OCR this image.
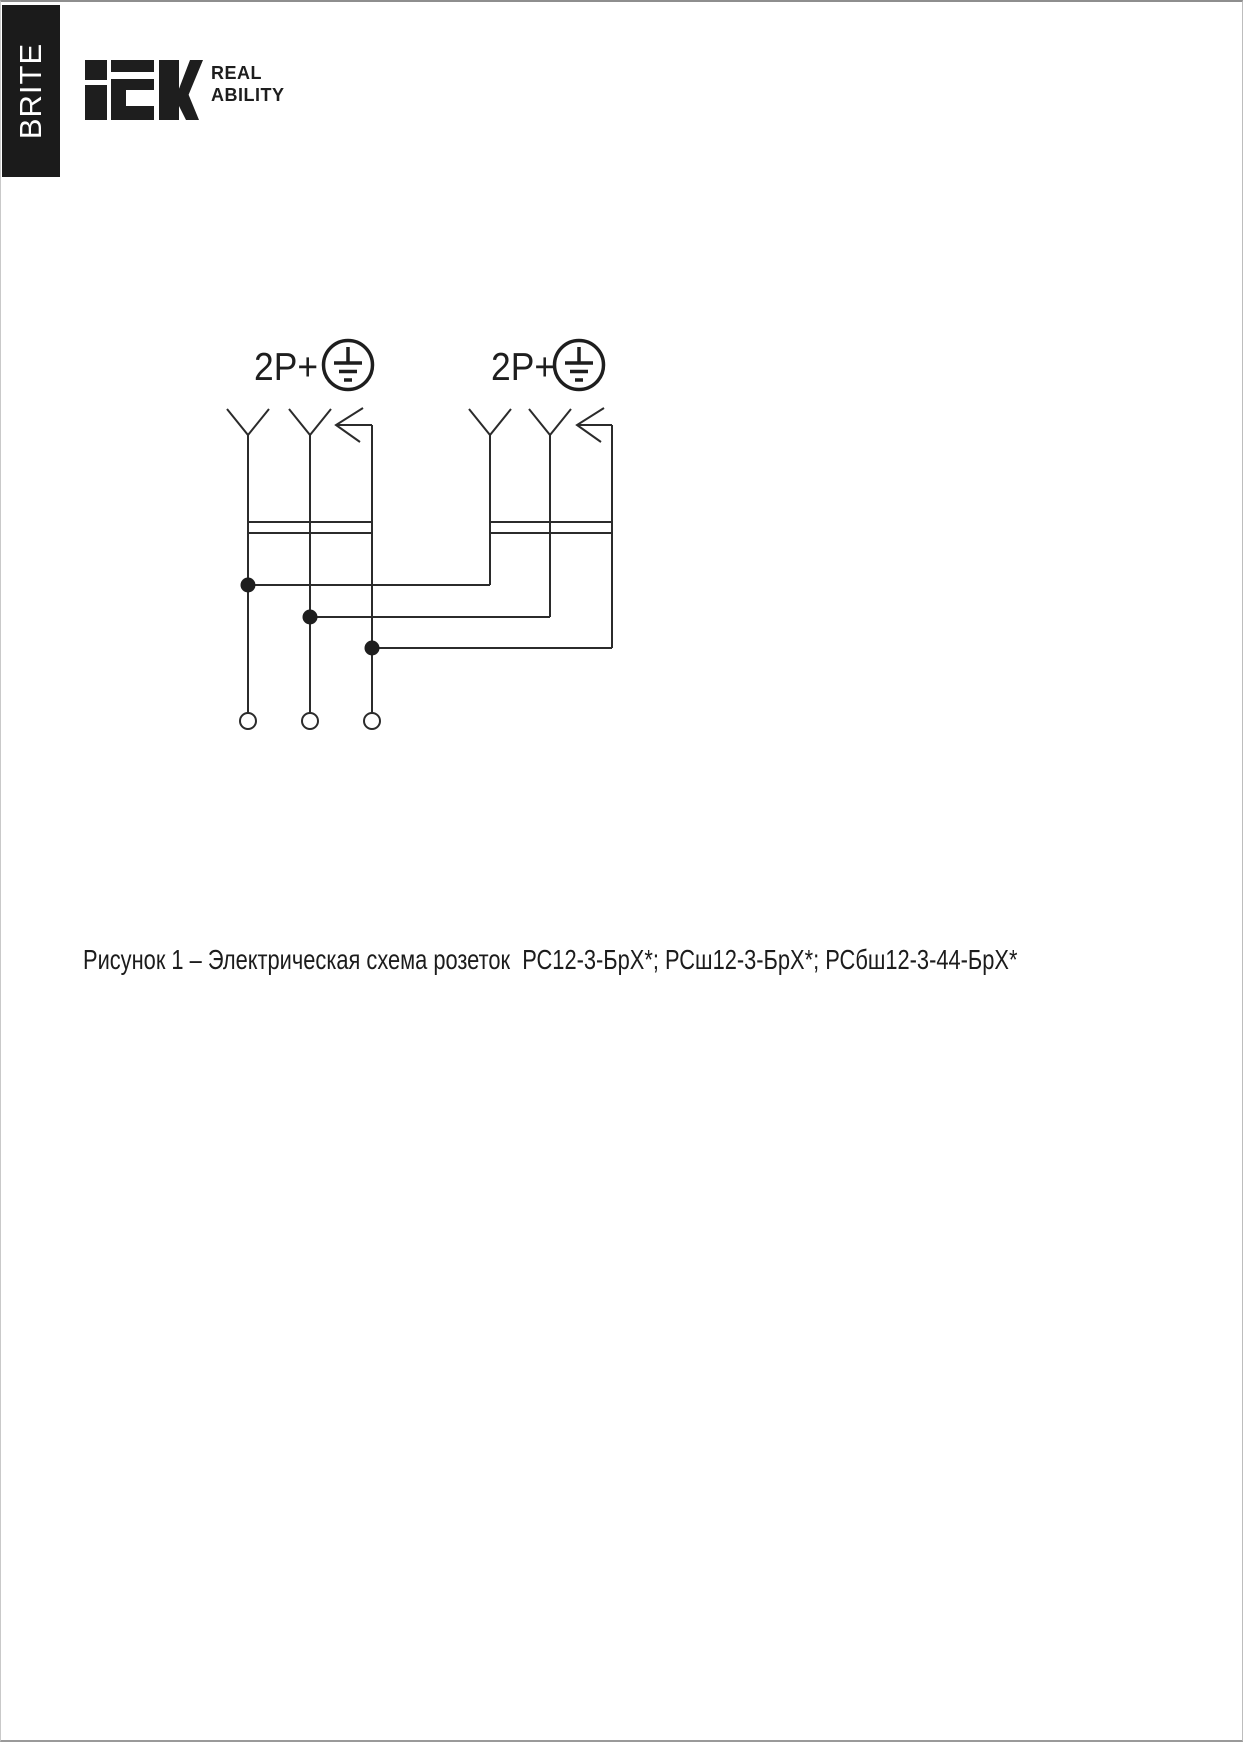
BRITE	REAL
ABILITY
2P+	2P+

Рисунок 1 – Электрическая схема розеток  РС12-3-БрХ*; РСш12-3-БрХ*; РСбш12-3-44-БрХ*
